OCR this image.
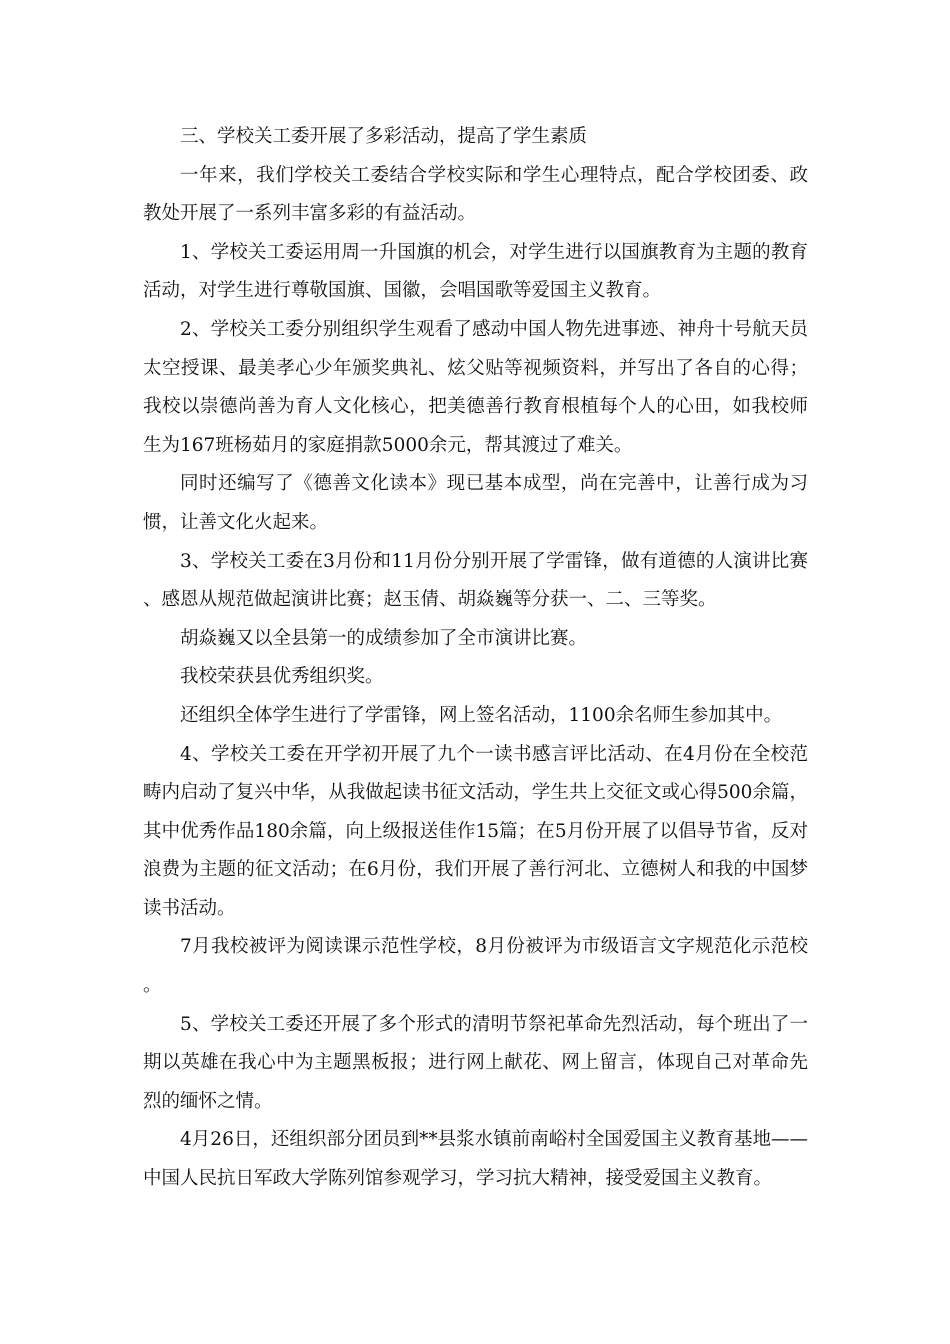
三、学校关工委开展了多彩活动，提高了学生素质

一年来，我们学校关工委结合学校实际和学生心理特点，配合学校团委、政教处开展了一系列丰富多彩的有益活动。

1、学校关工委运用周一升国旗的机会，对学生进行以国旗教育为主题的教育活动，对学生进行尊敬国旗、国徽，会唱国歌等爱国主义教育。

2、学校关工委分别组织学生观看了感动中国人物先进事迹、神舟十号航天员太空授课、最美孝心少年颁奖典礼、炫父贴等视频资料，并写出了各自的心得；我校以崇德尚善为育人文化核心，把美德善行教育根植每个人的心田，如我校师生为167班杨茹月的家庭捐款5000余元，帮其渡过了难关。

同时还编写了《德善文化读本》现已基本成型，尚在完善中，让善行成为习惯，让善文化火起来。

3、学校关工委在3月份和11月份分别开展了学雷锋，做有道德的人演讲比赛、感恩从规范做起演讲比赛；赵玉倩、胡焱巍等分获一、二、三等奖。

胡焱巍又以全县第一的成绩参加了全市演讲比赛。

我校荣获县优秀组织奖。

还组织全体学生进行了学雷锋，网上签名活动，1100余名师生参加其中。

4、学校关工委在开学初开展了九个一读书感言评比活动、在4月份在全校范畴内启动了复兴中华，从我做起读书征文活动，学生共上交征文或心得500余篇，其中优秀作品180余篇，向上级报送佳作15篇；在5月份开展了以倡导节省，反对浪费为主题的征文活动；在6月份，我们开展了善行河北、立德树人和我的中国梦读书活动。

7月我校被评为阅读课示范性学校，8月份被评为市级语言文字规范化示范校。

5、学校关工委还开展了多个形式的清明节祭祀革命先烈活动，每个班出了一期以英雄在我心中为主题黑板报；进行网上献花、网上留言，体现自己对革命先烈的缅怀之情。

4月26日，还组织部分团员到**县浆水镇前南峪村全国爱国主义教育基地——中国人民抗日军政大学陈列馆参观学习，学习抗大精神，接受爱国主义教育。
